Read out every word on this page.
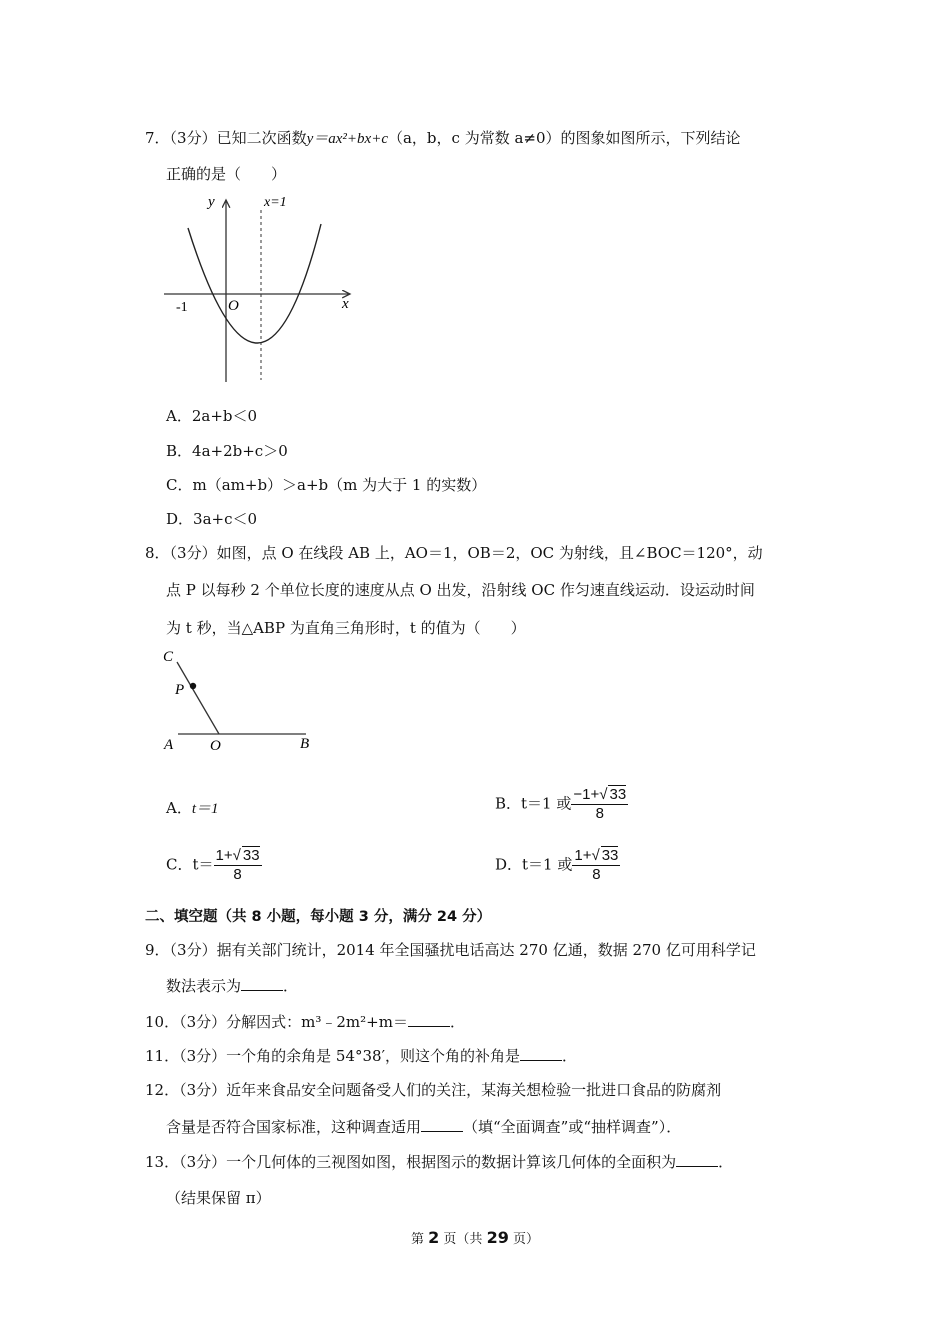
7．（3分）已知二次函数y＝ax²+bx+c（a，b，c 为常数 a≠0）的图象如图所示，下列结论
正确的是（　　）
y	x=1
x
O
-1
A．2a+b＜0
B．4a+2b+c＞0
C．m（am+b）＞a+b（m 为大于 1 的实数）
D．3a+c＜0
8．（3分）如图，点 O 在线段 AB 上，AO＝1，OB＝2，OC 为射线，且∠BOC＝120°，动
点 P 以每秒 2 个单位长度的速度从点 O 出发，沿射线 OC 作匀速直线运动．设运动时间
为 t 秒，当△ABP 为直角三角形时，t 的值为（　　）
C
P
A O	B
A．t＝1	B．t＝1 或 $\frac{-1+√ 33}{8}$
C．$t= \frac{1+√ 33}{8}$	D．t＝1 或 $\frac{1+√ 33}{8}$
二、填空题（共 8 小题，每小题 3 分，满分 24 分）
9．（3分）据有关部门统计，2014 年全国骚扰电话高达 270 亿通，数据 270 亿可用科学记
数法表示为	．
10．（3分）分解因式：m³﹣2m²+m＝	．
11．（3分）一个角的余角是 54°38′，则这个角的补角是	．
12．（3分）近年来食品安全问题备受人们的关注，某海关想检验一批进口食品的防腐剂
含量是否符合国家标准，这种调查适用	（填“全面调查”或“抽样调查”）．
13．（3分）一个几何体的三视图如图，根据图示的数据计算该几何体的全面积为	．
（结果保留 π）
第 2 页（共 29 页）
